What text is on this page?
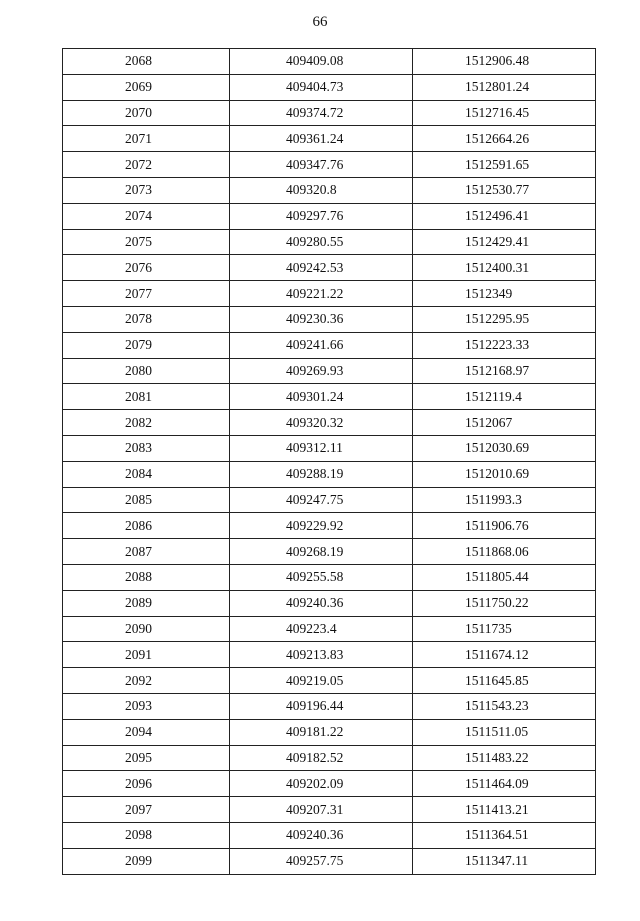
66
2068	409409.08	1512906.48
2069	409404.73	1512801.24
2070	409374.72	1512716.45
2071	409361.24	1512664.26
2072	409347.76	1512591.65
2073	409320.8	1512530.77
2074	409297.76	1512496.41
2075	409280.55	1512429.41
2076	409242.53	1512400.31
2077	409221.22	1512349
2078	409230.36	1512295.95
2079	409241.66	1512223.33
2080	409269.93	1512168.97
2081	409301.24	1512119.4
2082	409320.32	1512067
2083	409312.11	1512030.69
2084	409288.19	1512010.69
2085	409247.75	1511993.3
2086	409229.92	1511906.76
2087	409268.19	1511868.06
2088	409255.58	1511805.44
2089	409240.36	1511750.22
2090	409223.4	1511735
2091	409213.83	1511674.12
2092	409219.05	1511645.85
2093	409196.44	1511543.23
2094	409181.22	1511511.05
2095	409182.52	1511483.22
2096	409202.09	1511464.09
2097	409207.31	1511413.21
2098	409240.36	1511364.51
2099	409257.75	1511347.11
